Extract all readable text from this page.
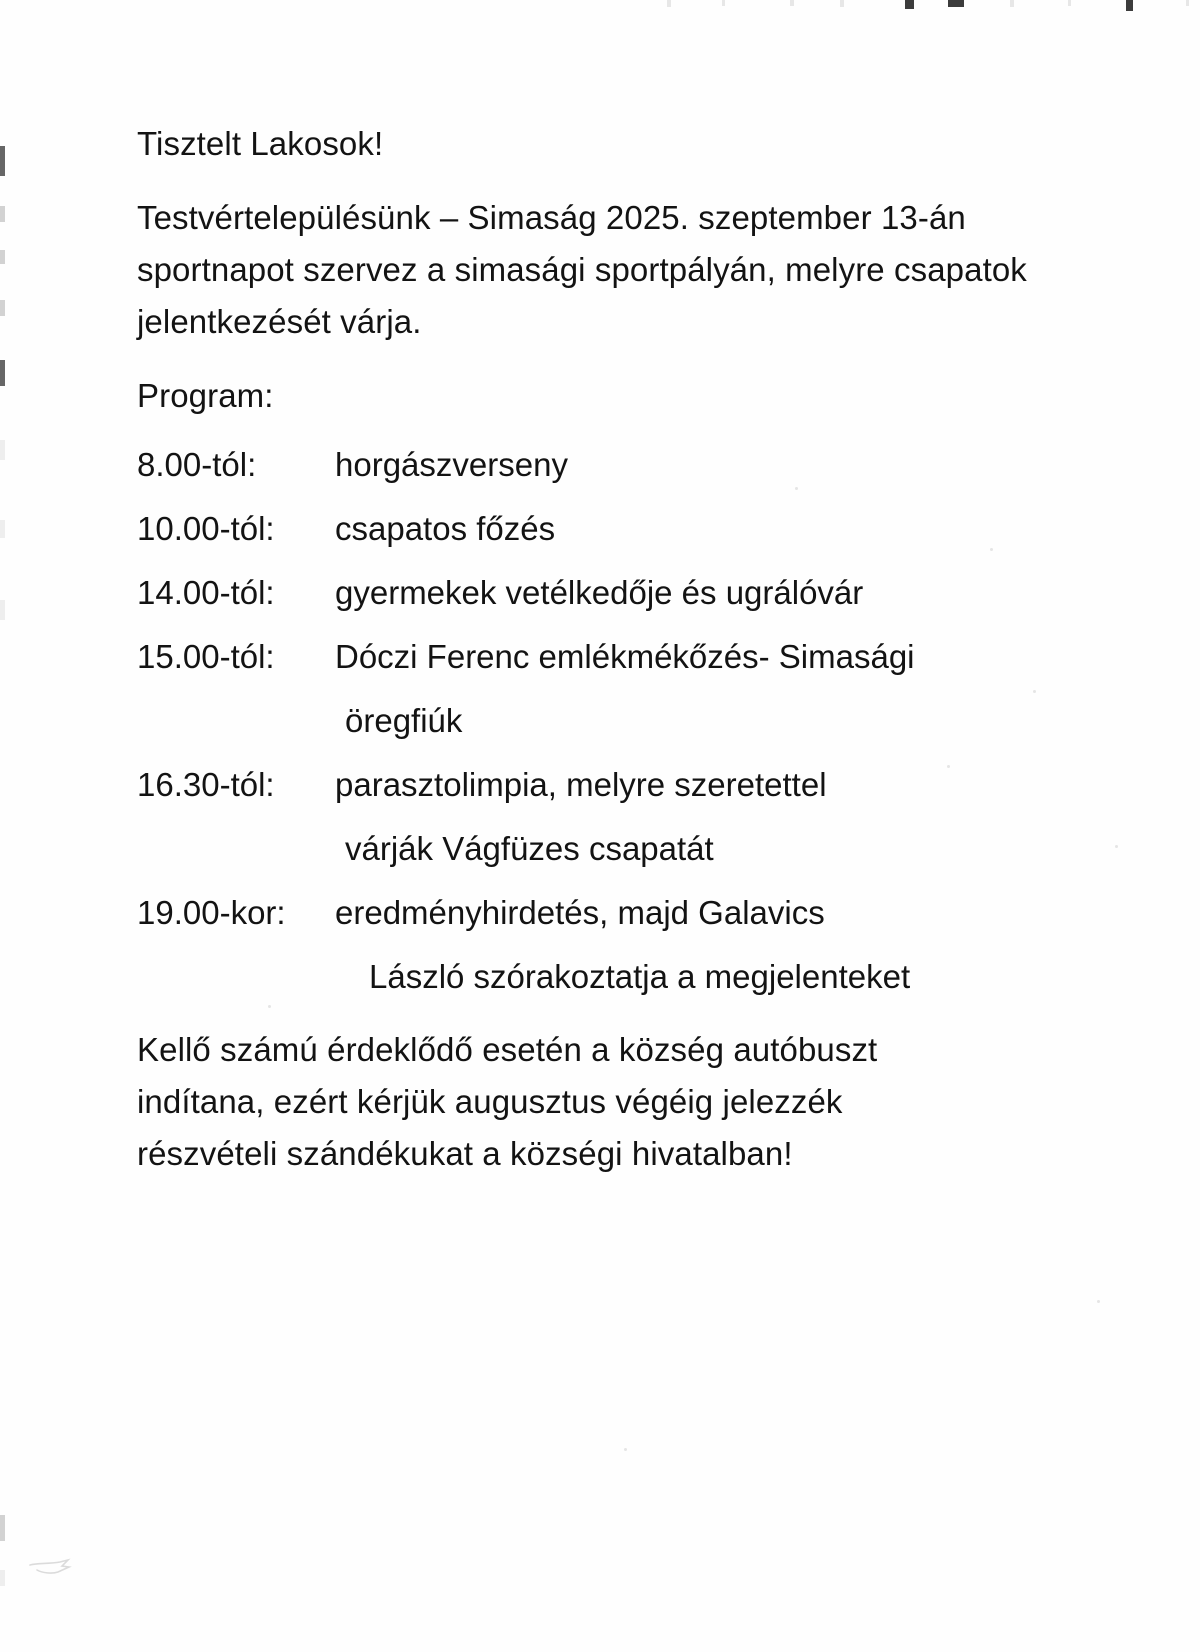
Tisztelt Lakosok!

Testvértelepülésünk – Simaság 2025. szeptember 13-án sportnapot szervez a simasági sportpályán, melyre csapatok jelentkezését várja.

Program:

8.00-tól:	horgászverseny
10.00-tól:	csapatos főzés
14.00-tól:	gyermekek vetélkedője és ugrálóvár
15.00-tól:	Dóczi Ferenc emlékmékőzés- Simasági
öregfiúk
16.30-tól:	parasztolimpia, melyre szeretettel
várják Vágfüzes csapatát
19.00-kor:	eredményhirdetés, majd Galavics
László szórakoztatja a megjelenteket
Kellő számú érdeklődő esetén a község autóbuszt
indítana, ezért kérjük augusztus végéig jelezzék
részvételi szándékukat a községi hivatalban!
